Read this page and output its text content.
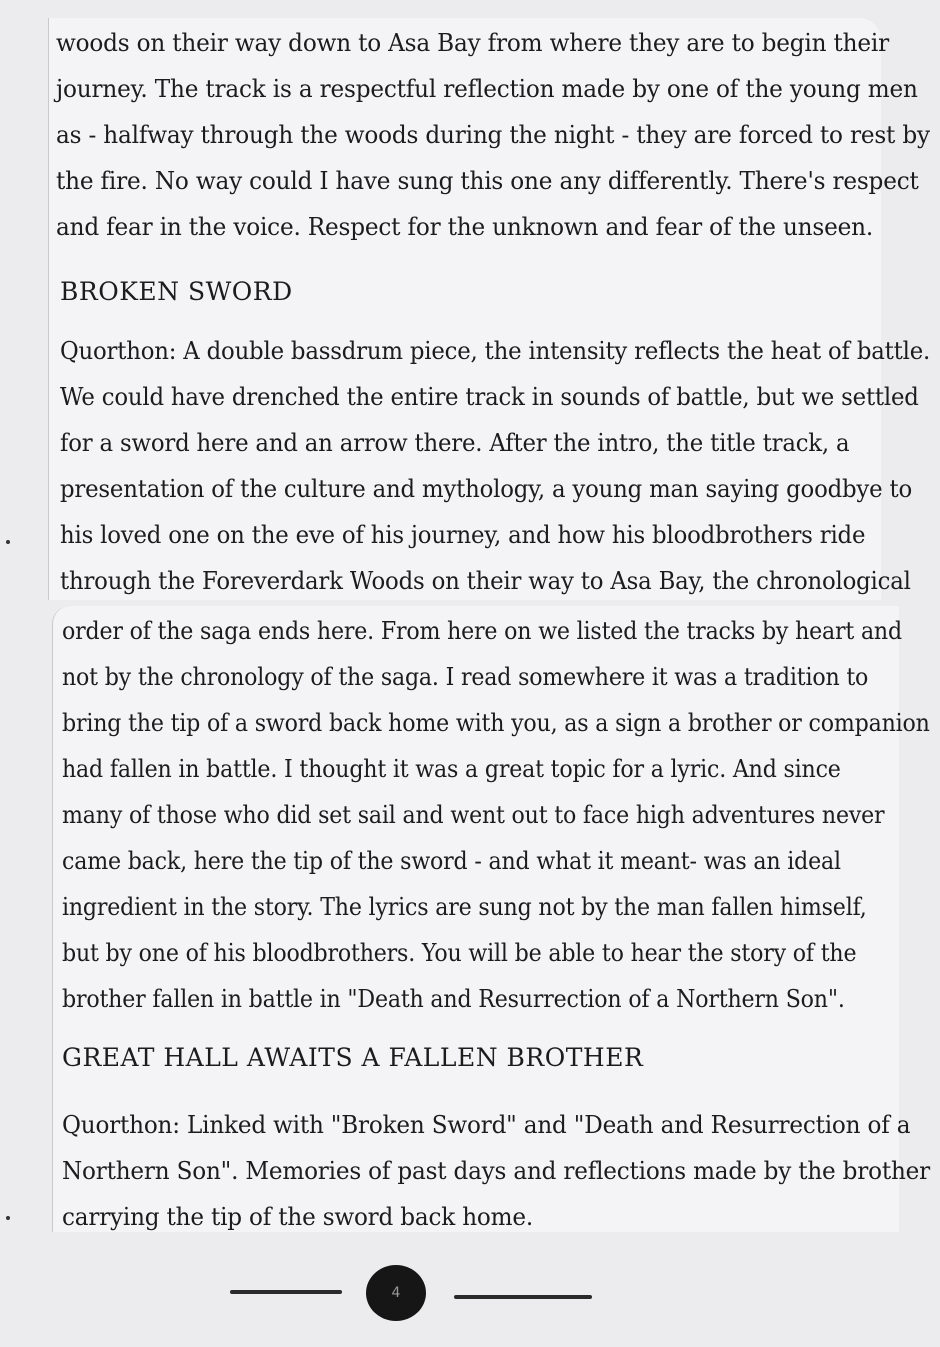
woods on their way down to Asa Bay from where they are to begin their
journey. The track is a respectful reflection made by one of the young men
as - halfway through the woods during the night - they are forced to rest by
the fire. No way could I have sung this one any differently. There's respect
and fear in the voice. Respect for the unknown and fear of the unseen.

BROKEN SWORD

Quorthon: A double bassdrum piece, the intensity reflects the heat of battle.
We could have drenched the entire track in sounds of battle, but we settled
for a sword here and an arrow there. After the intro, the title track, a
presentation of the culture and mythology, a young man saying goodbye to
his loved one on the eve of his journey, and how his bloodbrothers ride
through the Foreverdark Woods on their way to Asa Bay, the chronological

order of the saga ends here. From here on we listed the tracks by heart and
not by the chronology of the saga. I read somewhere it was a tradition to
bring the tip of a sword back home with you, as a sign a brother or companion
had fallen in battle. I thought it was a great topic for a lyric. And since
many of those who did set sail and went out to face high adventures never
came back, here the tip of the sword - and what it meant- was an ideal
ingredient in the story. The lyrics are sung not by the man fallen himself,
but by one of his bloodbrothers. You will be able to hear the story of the
brother fallen in battle in "Death and Resurrection of a Northern Son".

GREAT HALL AWAITS A FALLEN BROTHER

Quorthon: Linked with "Broken Sword" and "Death and Resurrection of a
Northern Son". Memories of past days and reflections made by the brother
carrying the tip of the sword back home.

4
